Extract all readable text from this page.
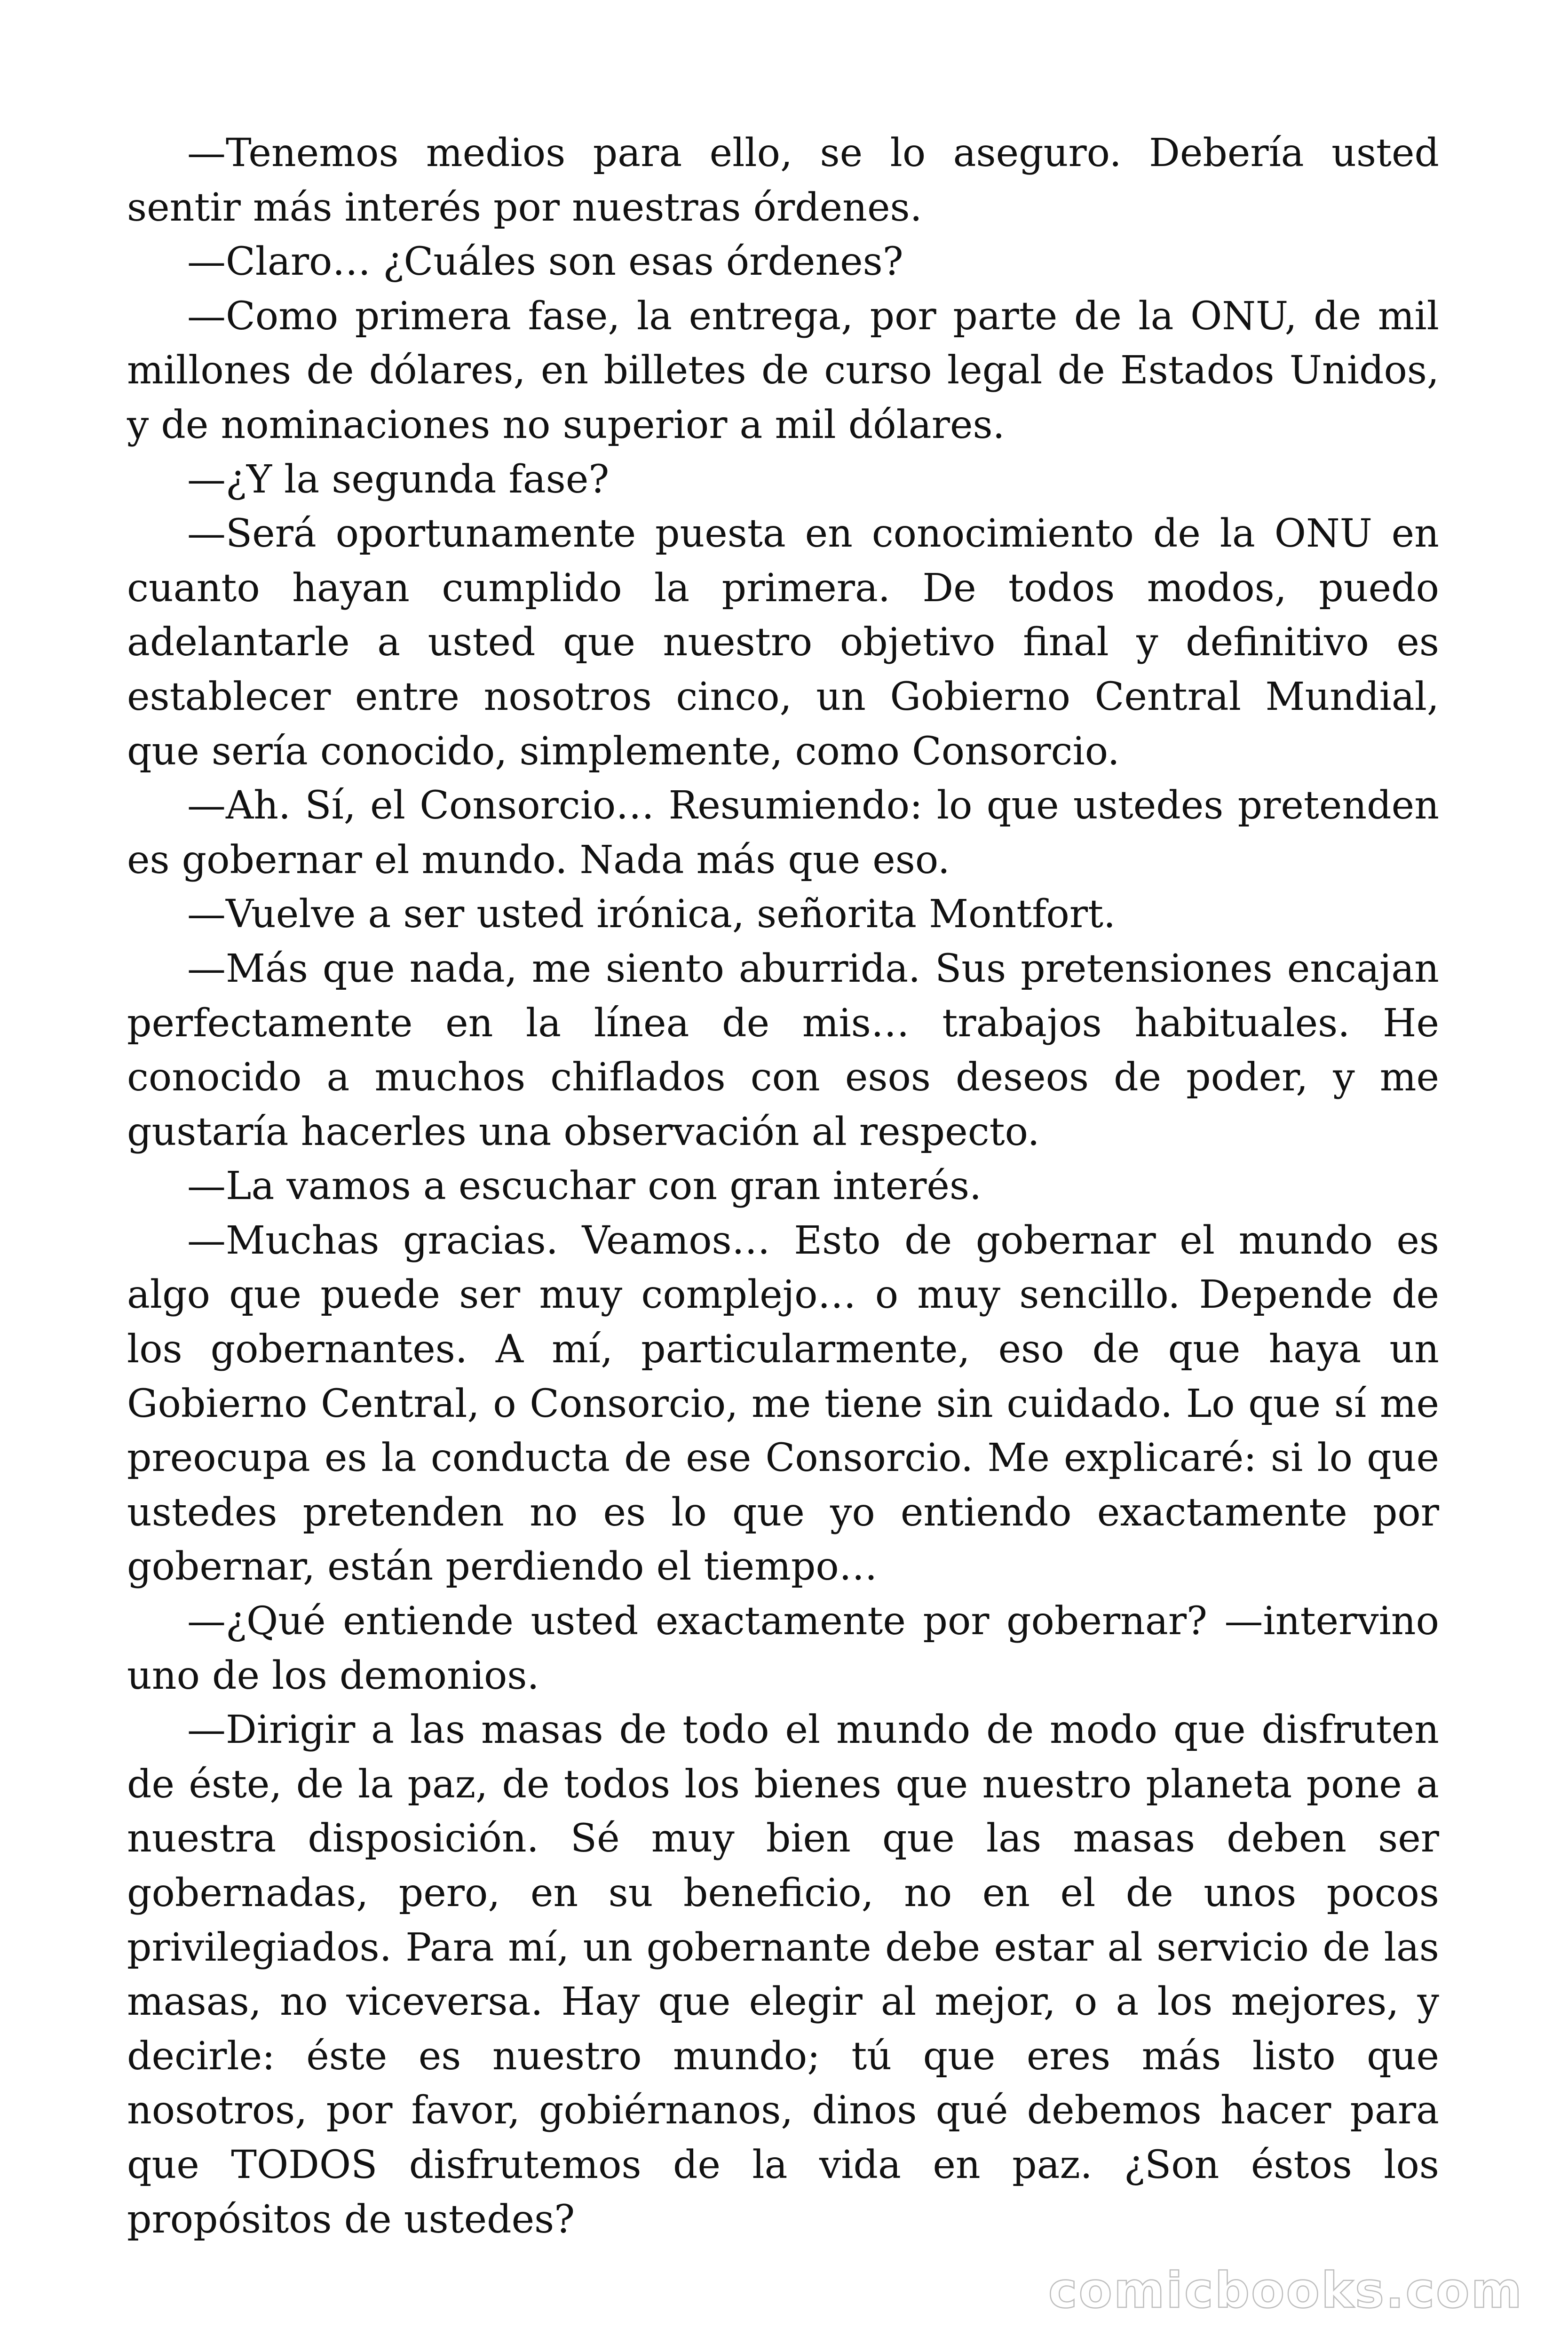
—Tenemos medios para ello, se lo aseguro. Debería usted sentir más interés por nuestras órdenes.

—Claro… ¿Cuáles son esas órdenes?

—Como primera fase, la entrega, por parte de la ONU, de mil millones de dólares, en billetes de curso legal de Estados Unidos, y de nominaciones no superior a mil dólares.

—¿Y la segunda fase?

—Será oportunamente puesta en conocimiento de la ONU en cuanto hayan cumplido la primera. De todos modos, puedo adelantarle a usted que nuestro objetivo final y definitivo es establecer entre nosotros cinco, un Gobierno Central Mundial, que sería conocido, simplemente, como Consorcio.

—Ah. Sí, el Consorcio… Resumiendo: lo que ustedes pretenden es gobernar el mundo. Nada más que eso.

—Vuelve a ser usted irónica, señorita Montfort.

—Más que nada, me siento aburrida. Sus pretensiones encajan perfectamente en la línea de mis… trabajos habituales. He conocido a muchos chiflados con esos deseos de poder, y me gustaría hacerles una observación al respecto.

—La vamos a escuchar con gran interés.

—Muchas gracias. Veamos… Esto de gobernar el mundo es algo que puede ser muy complejo… o muy sencillo. Depende de los gobernantes. A mí, particularmente, eso de que haya un Gobierno Central, o Consorcio, me tiene sin cuidado. Lo que sí me preocupa es la conducta de ese Consorcio. Me explicaré: si lo que ustedes pretenden no es lo que yo entiendo exactamente por gobernar, están perdiendo el tiempo…

—¿Qué entiende usted exactamente por gobernar? —intervino uno de los demonios.

—Dirigir a las masas de todo el mundo de modo que disfruten de éste, de la paz, de todos los bienes que nuestro planeta pone a nuestra disposición. Sé muy bien que las masas deben ser gobernadas, pero, en su beneficio, no en el de unos pocos privilegiados. Para mí, un gobernante debe estar al servicio de las masas, no viceversa. Hay que elegir al mejor, o a los mejores, y decirle: éste es nuestro mundo; tú que eres más listo que nosotros, por favor, gobiérnanos, dinos qué debemos hacer para que TODOS disfrutemos de la vida en paz. ¿Son éstos los propósitos de ustedes?

comicbooks.com
